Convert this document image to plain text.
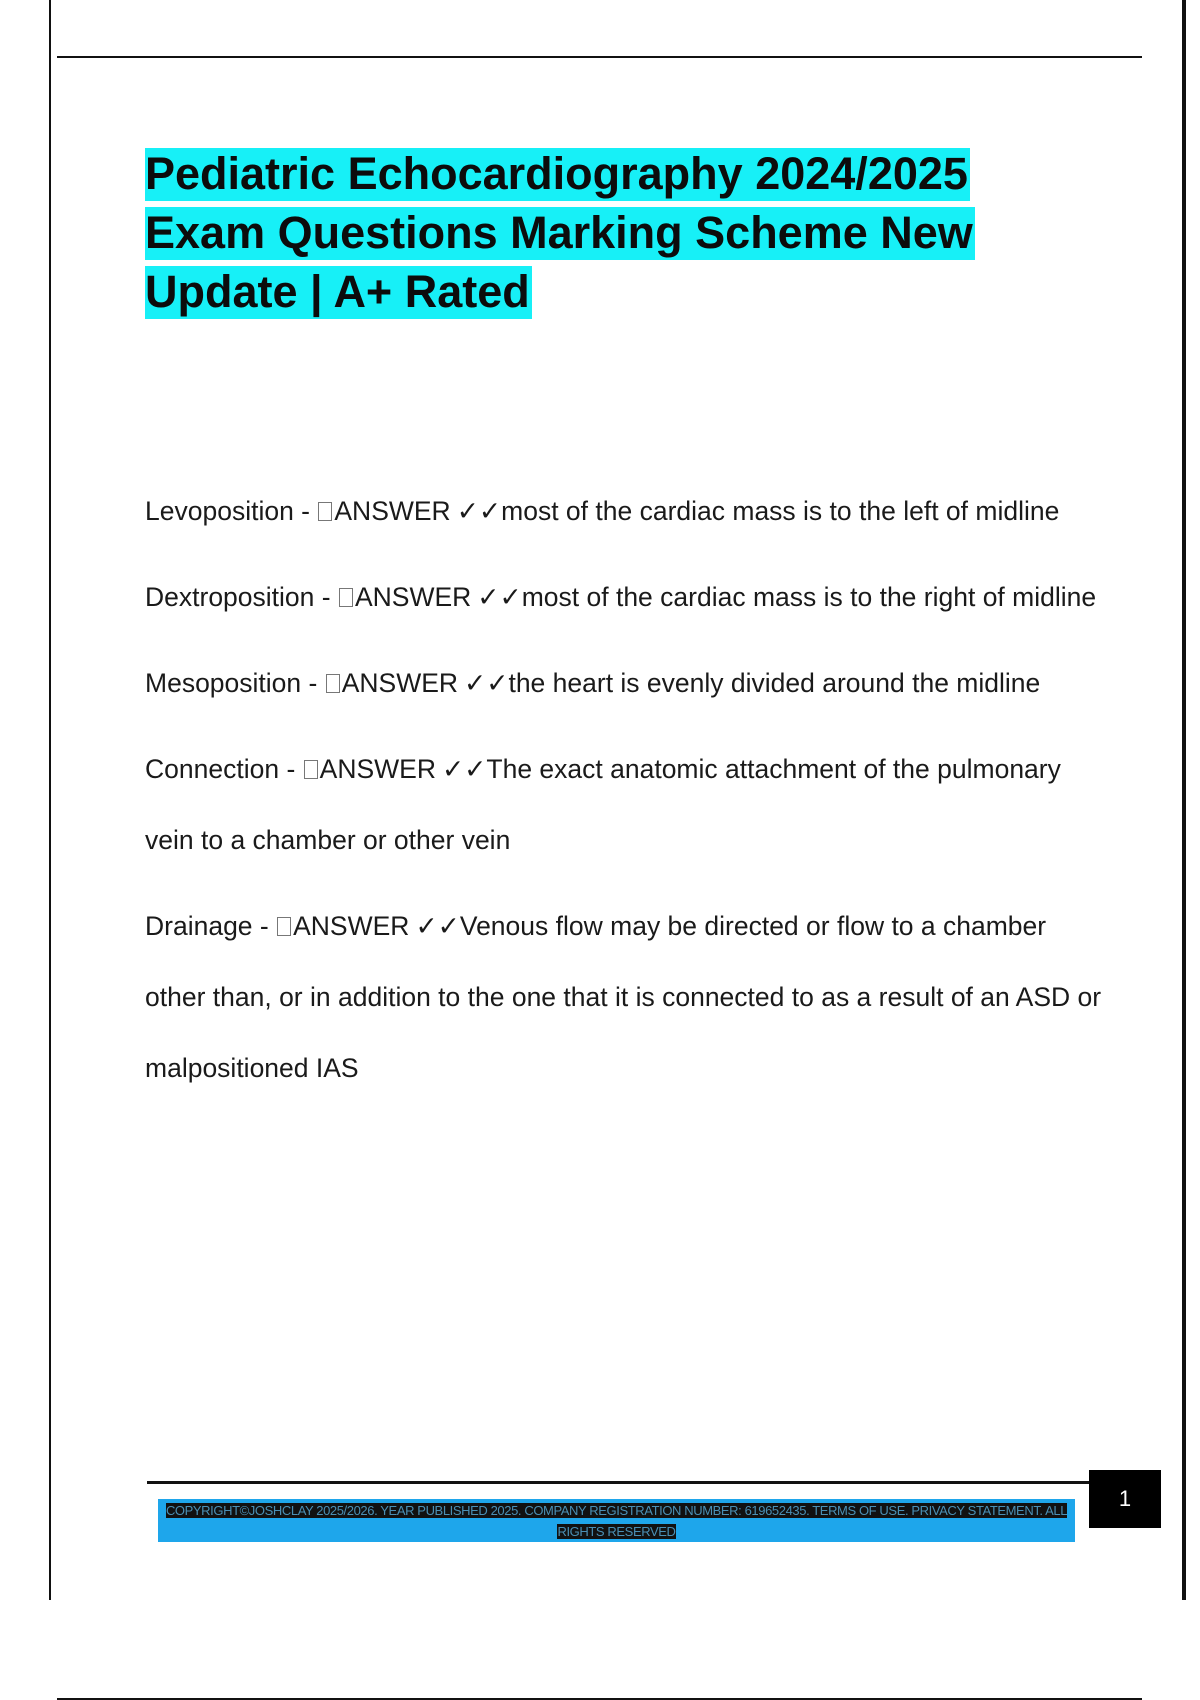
Pediatric Echocardiography 2024/2025 Exam Questions Marking Scheme New Update | A+ Rated
Levoposition - ANSWER ✓✓most of the cardiac mass is to the left of midline
Dextroposition - ANSWER ✓✓most of the cardiac mass is to the right of midline
Mesoposition - ANSWER ✓✓the heart is evenly divided around the midline
Connection - ANSWER ✓✓The exact anatomic attachment of the pulmonary vein to a chamber or other vein
Drainage - ANSWER ✓✓Venous flow may be directed or flow to a chamber other than, or in addition to the one that it is connected to as a result of an ASD or malpositioned IAS

COPYRIGHT©JOSHCLAY 2025/2026. YEAR PUBLISHED 2025. COMPANY REGISTRATION NUMBER: 619652435. TERMS OF USE. PRIVACY STATEMENT. ALL RIGHTS RESERVED

1
